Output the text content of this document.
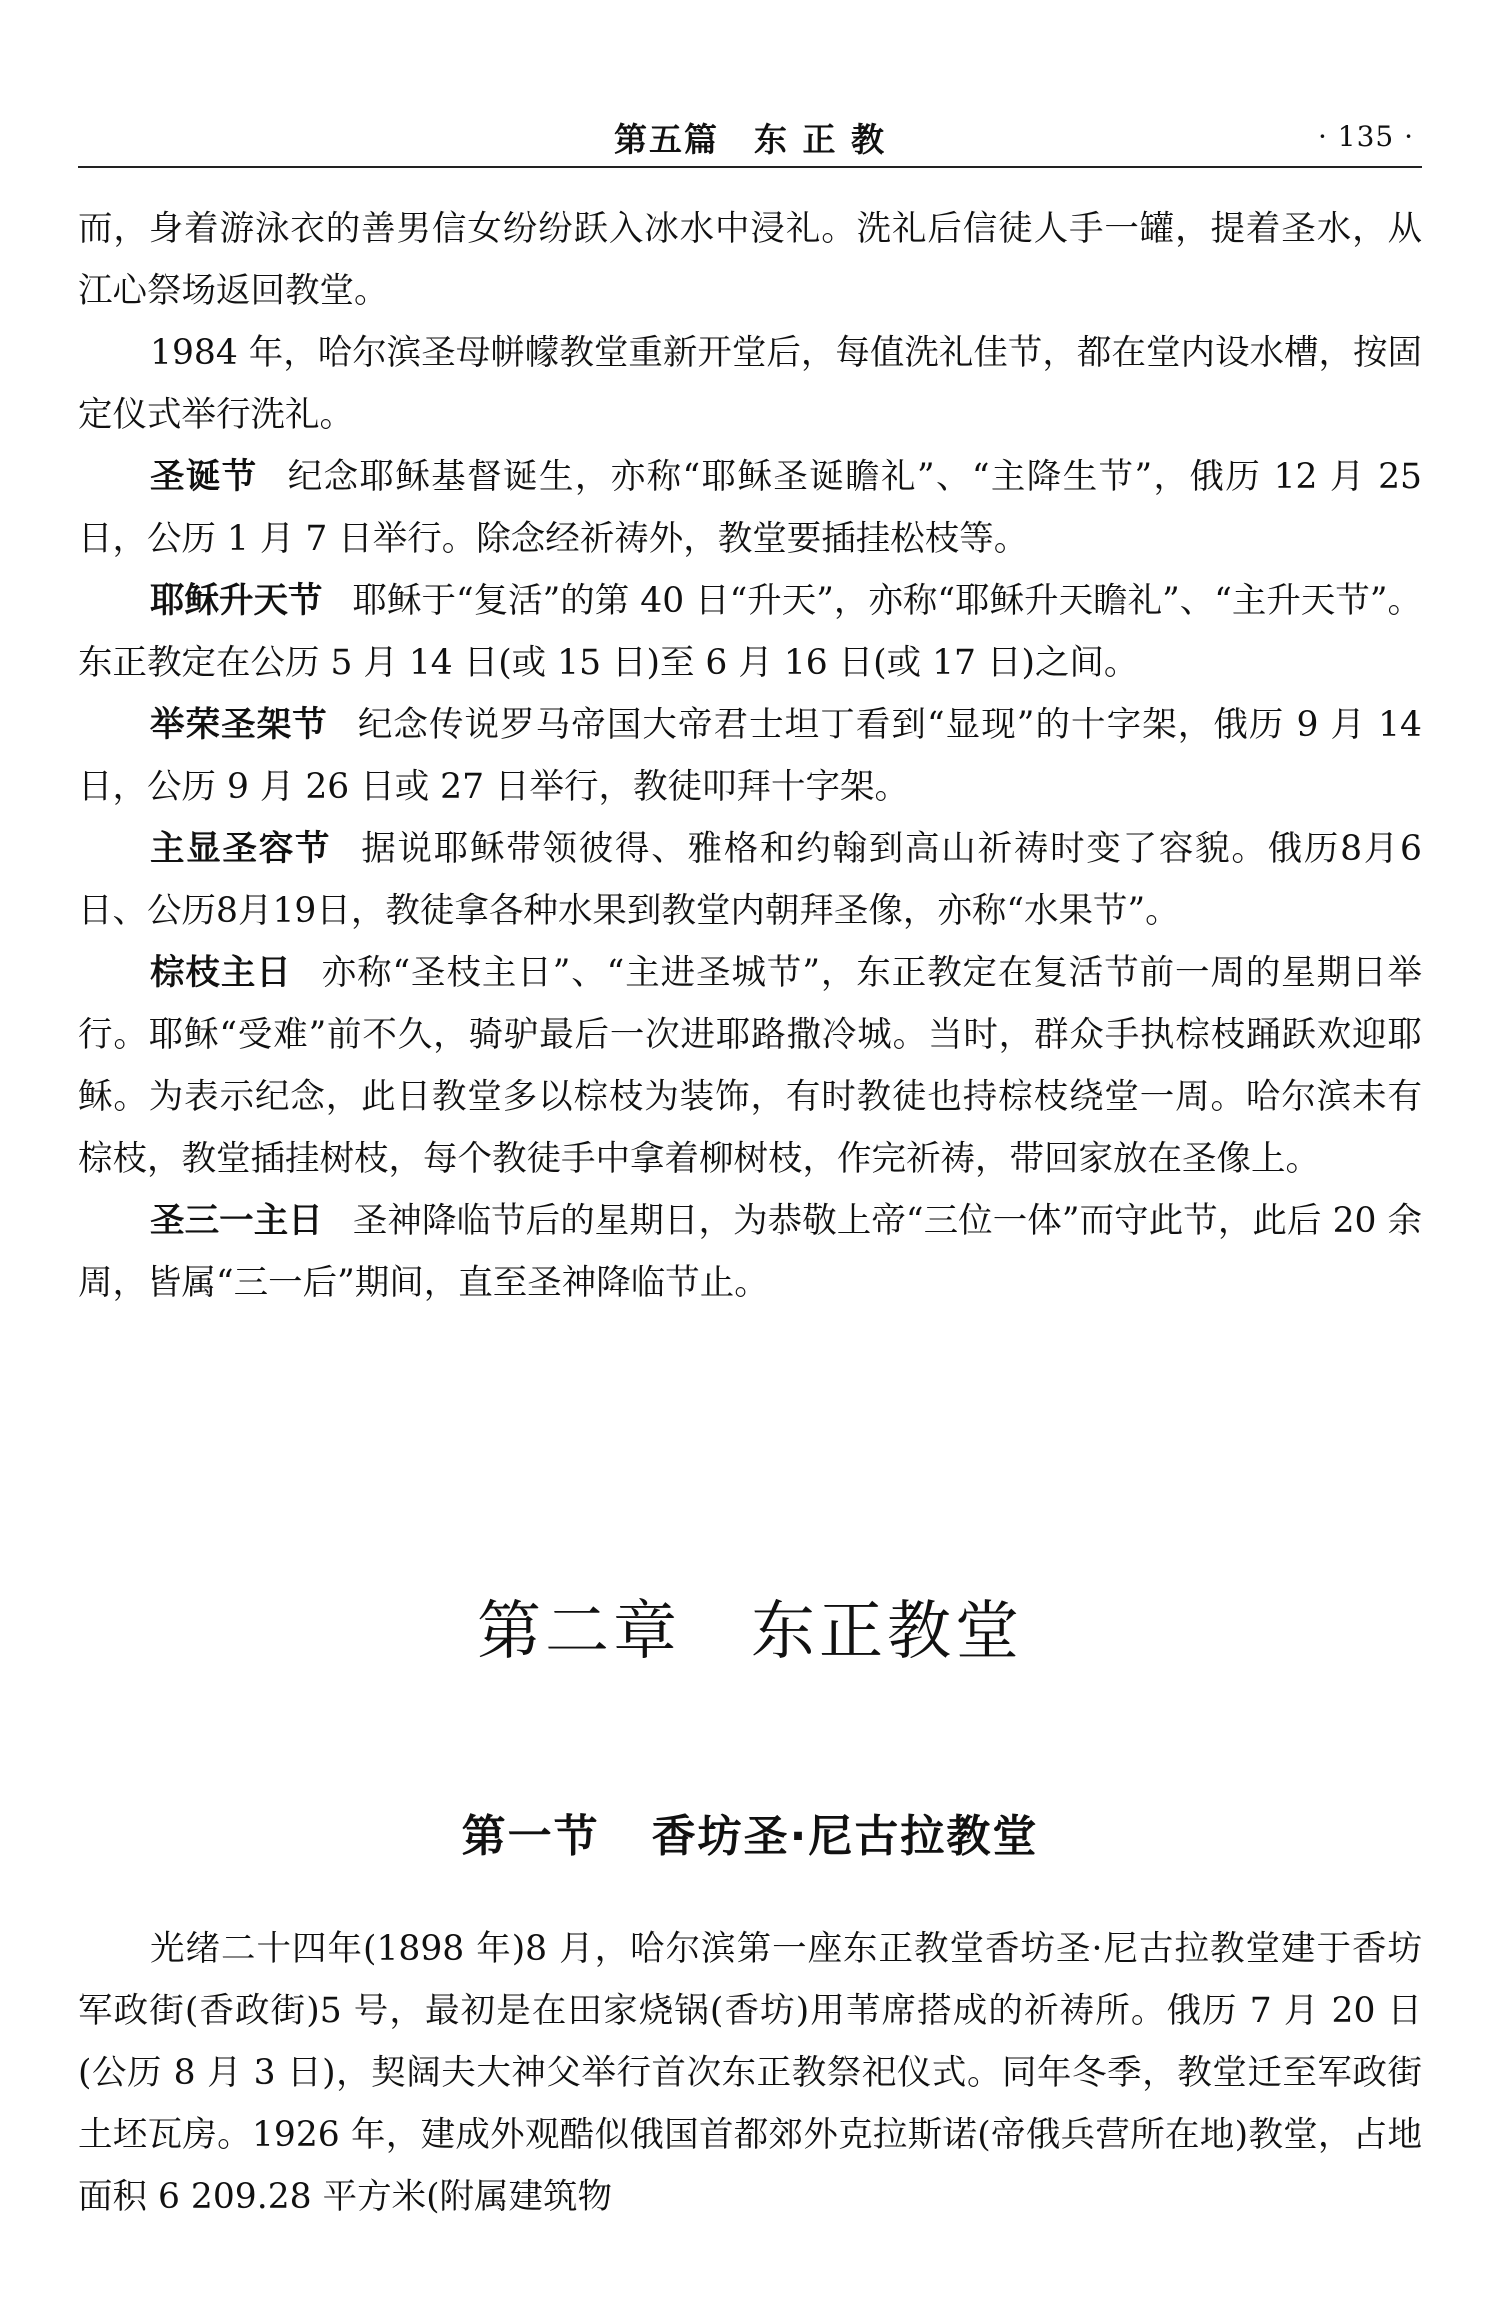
第五篇　东 正 教	· 135 ·

而，身着游泳衣的善男信女纷纷跃入冰水中浸礼。洗礼后信徒人手一罐，提着圣水，从江心祭场返回教堂。

1984 年，哈尔滨圣母帡幪教堂重新开堂后，每值洗礼佳节，都在堂内设水槽，按固定仪式举行洗礼。

圣诞节 纪念耶稣基督诞生，亦称“耶稣圣诞瞻礼”、“主降生节”，俄历 12 月 25 日，公历 1 月 7 日举行。除念经祈祷外，教堂要插挂松枝等。

耶稣升天节 耶稣于“复活”的第 40 日“升天”，亦称“耶稣升天瞻礼”、“主升天节”。东正教定在公历 5 月 14 日(或 15 日)至 6 月 16 日(或 17 日)之间。

举荣圣架节 纪念传说罗马帝国大帝君士坦丁看到“显现”的十字架，俄历 9 月 14 日，公历 9 月 26 日或 27 日举行，教徒叩拜十字架。

主显圣容节 据说耶稣带领彼得、雅格和约翰到高山祈祷时变了容貌。俄历8月6日、公历8月19日，教徒拿各种水果到教堂内朝拜圣像，亦称“水果节”。

棕枝主日 亦称“圣枝主日”、“主进圣城节”，东正教定在复活节前一周的星期日举行。耶稣“受难”前不久，骑驴最后一次进耶路撒冷城。当时，群众手执棕枝踊跃欢迎耶稣。为表示纪念，此日教堂多以棕枝为装饰，有时教徒也持棕枝绕堂一周。哈尔滨未有棕枝，教堂插挂树枝，每个教徒手中拿着柳树枝，作完祈祷，带回家放在圣像上。

圣三一主日 圣神降临节后的星期日，为恭敬上帝“三位一体”而守此节，此后 20 余周，皆属“三一后”期间，直至圣神降临节止。

第二章 东正教堂
第一节 香坊圣·尼古拉教堂

光绪二十四年(1898 年)8 月，哈尔滨第一座东正教堂香坊圣·尼古拉教堂建于香坊军政街(香政街)5 号，最初是在田家烧锅(香坊)用苇席搭成的祈祷所。俄历 7 月 20 日(公历 8 月 3 日)，契阔夫大神父举行首次东正教祭祀仪式。同年冬季，教堂迁至军政街土坯瓦房。1926 年，建成外观酷似俄国首都郊外克拉斯诺(帝俄兵营所在地)教堂，占地面积 6 209.28 平方米(附属建筑物
